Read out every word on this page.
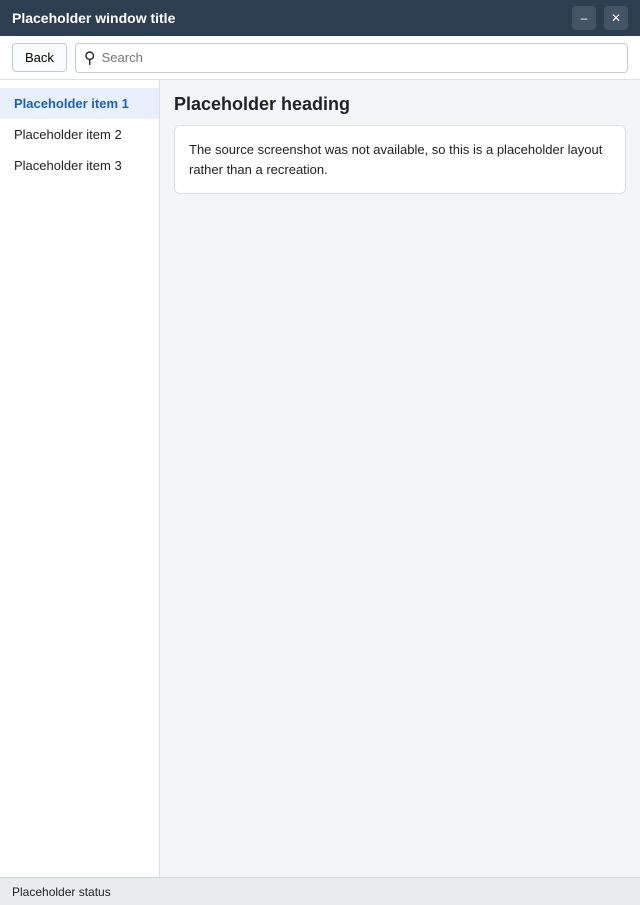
Placeholder window title	–	✕
Back	⚲
Search
Placeholder item 1
Placeholder item 2
Placeholder item 3
Placeholder heading

The source screenshot was not available, so this is a placeholder layout rather than a recreation.

Placeholder status
